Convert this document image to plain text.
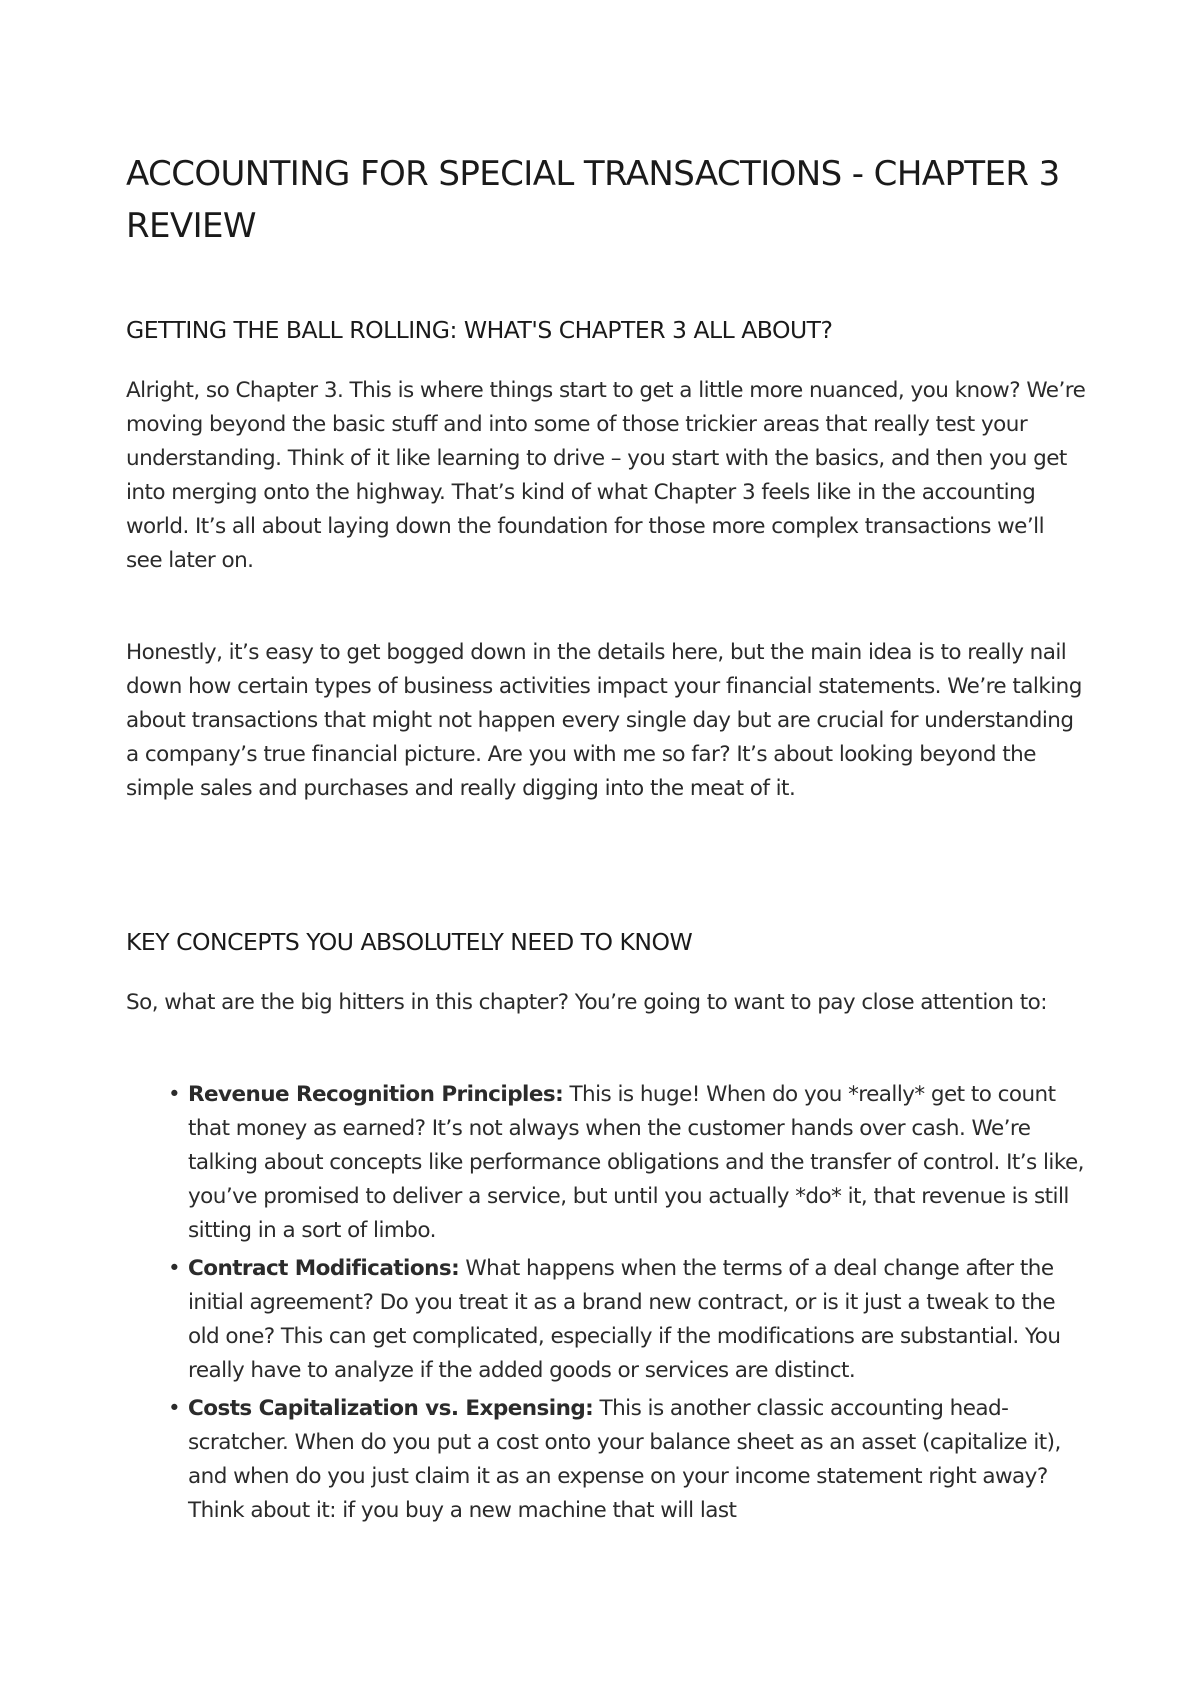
ACCOUNTING FOR SPECIAL TRANSACTIONS - CHAPTER 3 REVIEW
GETTING THE BALL ROLLING: WHAT'S CHAPTER 3 ALL ABOUT?

Alright, so Chapter 3. This is where things start to get a little more nuanced, you know? We’re moving beyond the basic stuff and into some of those trickier areas that really test your understanding. Think of it like learning to drive – you start with the basics, and then you get into merging onto the highway. That’s kind of what Chapter 3 feels like in the accounting world. It’s all about laying down the foundation for those more complex transactions we’ll see later on.

Honestly, it’s easy to get bogged down in the details here, but the main idea is to really nail down how certain types of business activities impact your financial statements. We’re talking about transactions that might not happen every single day but are crucial for understanding a company’s true financial picture. Are you with me so far? It’s about looking beyond the simple sales and purchases and really digging into the meat of it.

KEY CONCEPTS YOU ABSOLUTELY NEED TO KNOW

So, what are the big hitters in this chapter? You’re going to want to pay close attention to:

• Revenue Recognition Principles: This is huge! When do you *really* get to count that money as earned? It’s not always when the customer hands over cash. We’re talking about concepts like performance obligations and the transfer of control. It’s like, you’ve promised to deliver a service, but until you actually *do* it, that revenue is still sitting in a sort of limbo.
• Contract Modifications: What happens when the terms of a deal change after the initial agreement? Do you treat it as a brand new contract, or is it just a tweak to the old one? This can get complicated, especially if the modifications are substantial. You really have to analyze if the added goods or services are distinct.
• Costs Capitalization vs. Expensing: This is another classic accounting head-scratcher. When do you put a cost onto your balance sheet as an asset (capitalize it), and when do you just claim it as an expense on your income statement right away? Think about it: if you buy a new machine that will last
